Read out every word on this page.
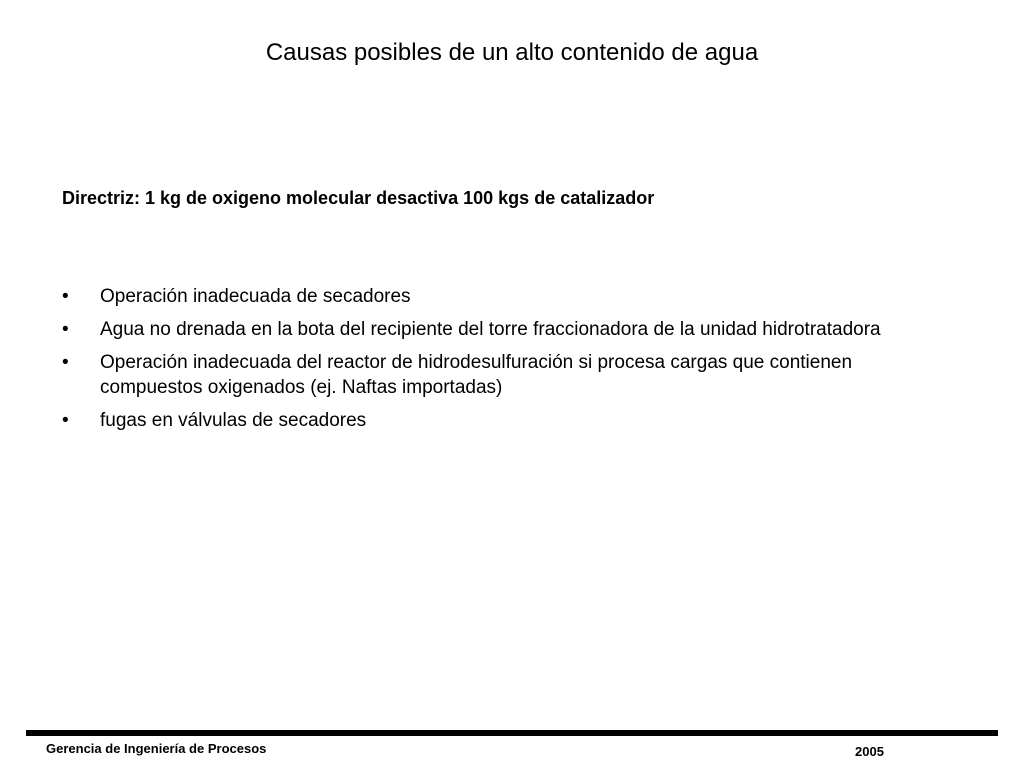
Causas posibles de un alto contenido de agua
Directriz: 1 kg de oxigeno molecular desactiva 100 kgs de catalizador
•	Operación inadecuada de secadores
•	Agua no drenada en la bota del recipiente del torre fraccionadora de la unidad hidrotratadora
•	Operación inadecuada del reactor de hidrodesulfuración si procesa cargas que contienen compuestos oxigenados (ej. Naftas importadas)
•	fugas en válvulas de secadores
Gerencia de Ingeniería de Procesos	2005
